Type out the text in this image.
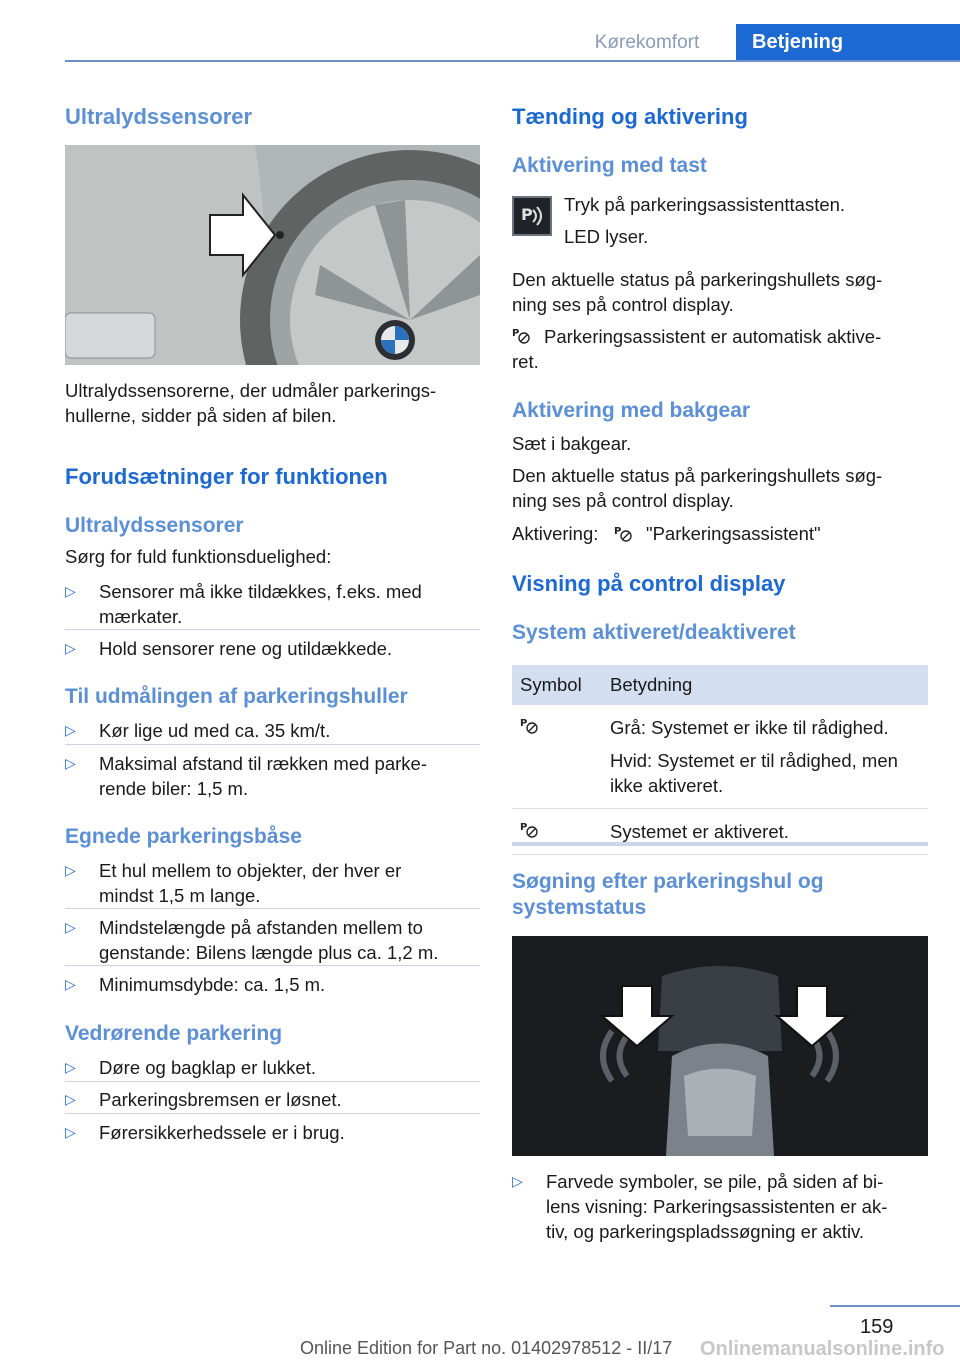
Kørekomfort	Betjening
Ultralydssensorer
Ultralydssensorerne, der udmåler parkerings‐
hullerne, sidder på siden af bilen.
Forudsætninger for funktionen
Ultralydssensorer
Sørg for fuld funktionsduelighed:
▷ Sensorer må ikke tildækkes, f.eks. med
mærkater.
▷ Hold sensorer rene og utildækkede.
Til udmålingen af parkeringshuller
▷ Kør lige ud med ca. 35 km/t.
▷ Maksimal afstand til rækken med parke‐
rende biler: 1,5 m.
Egnede parkeringsbåse
▷ Et hul mellem to objekter, der hver er
mindst 1,5 m lange.
▷ Mindstelængde på afstanden mellem to
genstande: Bilens længde plus ca. 1,2 m.
▷ Minimumsdybde: ca. 1,5 m.
Vedrørende parkering
▷ Døre og bagklap er lukket.
▷ Parkeringsbremsen er løsnet.
▷ Førersikkerhedssele er i brug.
Tænding og aktivering
Aktivering med tast
P Tryk på parkeringsassistenttasten.
LED lyser.
Den aktuelle status på parkeringshullets søg‐
ning ses på control display.
P Parkeringsassistent er automatisk aktive‐
ret.
Aktivering med bakgear
Sæt i bakgear.
Den aktuelle status på parkeringshullets søg‐
ning ses på control display.
Aktivering: P "Parkeringsassistent"
Visning på control display
System aktiveret/deaktiveret
Symbol	Betydning

P	Grå: Systemet er ikke til rådighed.
Hvid: Systemet er til rådighed, men
ikke aktiveret.

P	Systemet er aktiveret.
Søgning efter parkeringshul og
systemstatus
▷ Farvede symboler, se pile, på siden af bi‐
lens visning: Parkeringsassistenten er ak‐
tiv, og parkeringspladssøgning er aktiv.
159
Online Edition for Part no. 01402978512 - II/17 Onlinemanualsonline.info
